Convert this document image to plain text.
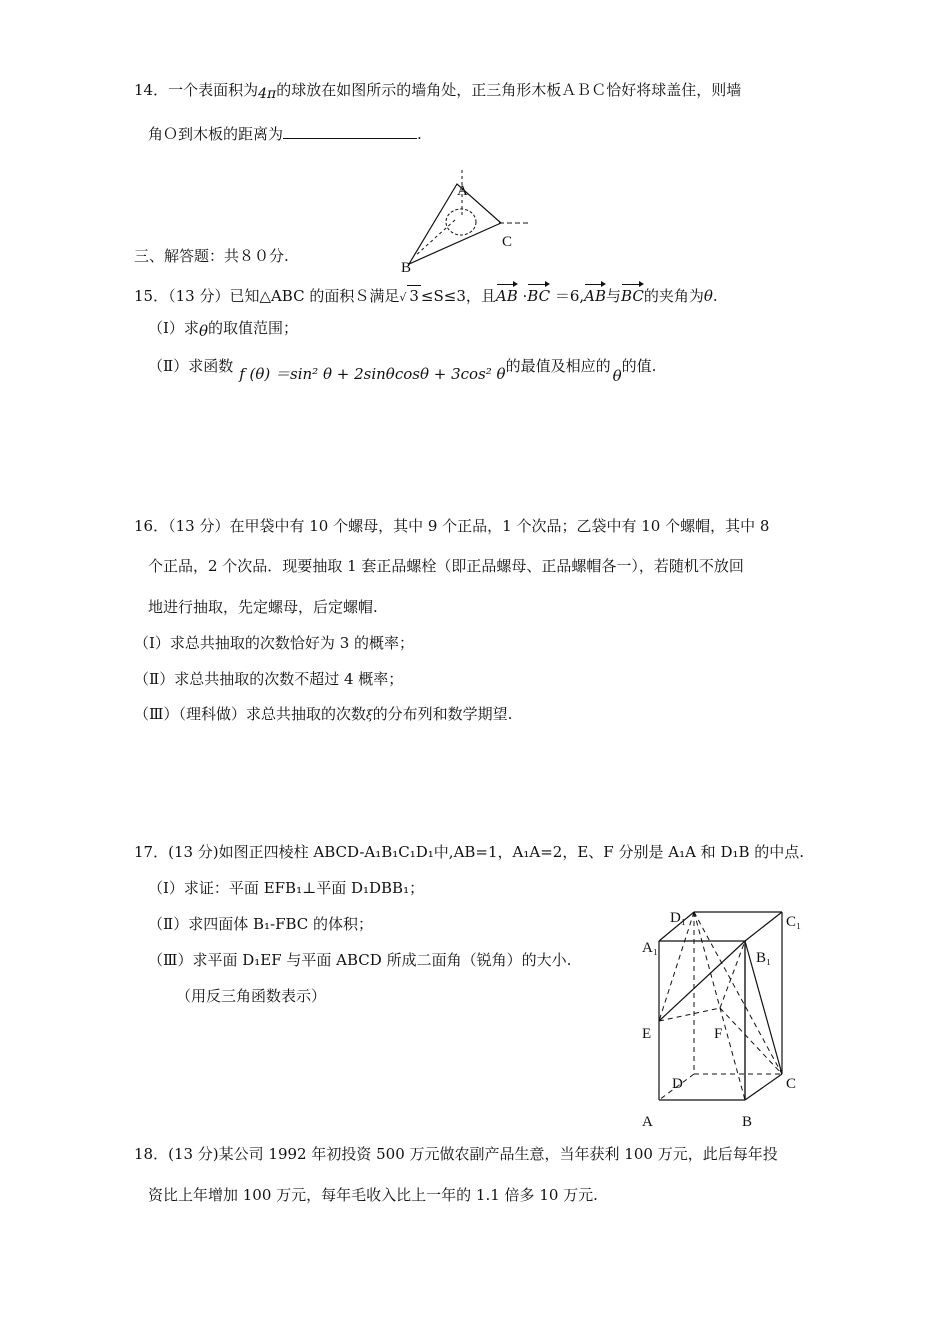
14．一个表面积为4π的球放在如图所示的墙角处，正三角形木板ＡＢＣ恰好将球盖住，则墙
角Ｏ到木板的距离为	.
A
C
B
三、解答题：共８０分.
15．（13 分）已知△ABC 的面积Ｓ满足√ 3 ≤S≤3，且AB ·BC ＝6,AB与BC的夹角为θ.
（Ⅰ）求θ的取值范围；
（Ⅱ）求函数 f (θ) ＝sin² θ + 2sinθcosθ + 3cos² θ的最值及相应的θ的值.
16．（13 分）在甲袋中有 10 个螺母，其中 9 个正品，1 个次品；乙袋中有 10 个螺帽，其中 8
个正品，2 个次品．现要抽取 1 套正品螺栓（即正品螺母、正品螺帽各一），若随机不放回
地进行抽取，先定螺母，后定螺帽.
（Ⅰ）求总共抽取的次数恰好为 3 的概率；
（Ⅱ）求总共抽取的次数不超过 4 概率；
（Ⅲ）（理科做）求总共抽取的次数ξ的分布列和数学期望.
17．(13 分)如图正四棱柱 ABCD-A₁B₁C₁D₁中,AB=1，A₁A=2，E、F 分别是 A₁A 和 D₁B 的中点.
（Ⅰ）求证：平面 EFB₁⊥平面 D₁DBB₁；
（Ⅱ）求四面体 B₁-FBC 的体积；
（Ⅲ）求平面 D₁EF 与平面 ABCD 所成二面角（锐角）的大小.
（用反三角函数表示）
D₁	C₁
A₁
B₁
E	F
D	C
A	B
18．(13 分)某公司 1992 年初投资 500 万元做农副产品生意，当年获利 100 万元，此后每年投
资比上年增加 100 万元，每年毛收入比上一年的 1.1 倍多 10 万元.
